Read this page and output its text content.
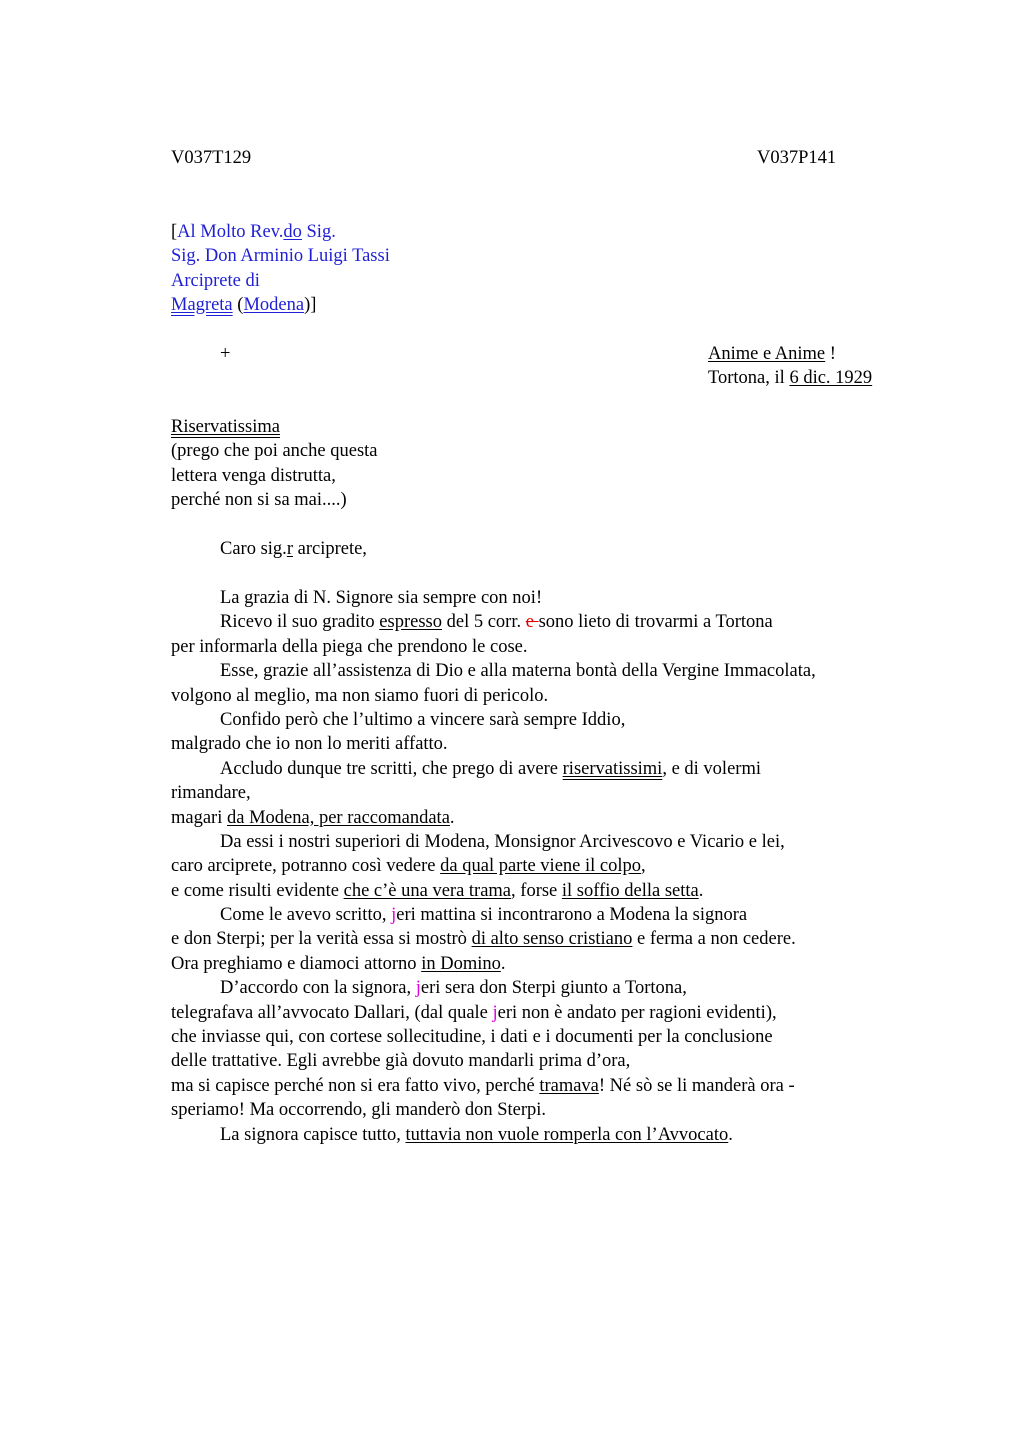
V037T129	V037P141
[Al Molto Rev.do Sig.
Sig. Don Arminio Luigi Tassi
Arciprete di
Magreta (Modena)]
+	Anime e Anime !
Tortona, il 6 dic. 1929
Riservatissima
(prego che poi anche questa
lettera venga distrutta,
perché non si sa mai....)
Caro sig.r arciprete,
La grazia di N. Signore sia sempre con noi!
Ricevo il suo gradito espresso del 5 corr. e sono lieto di trovarmi a Tortona
per informarla della piega che prendono le cose.
Esse, grazie all’assistenza di Dio e alla materna bontà della Vergine Immacolata,
volgono al meglio, ma non siamo fuori di pericolo.
Confido però che l’ultimo a vincere sarà sempre Iddio,
malgrado che io non lo meriti affatto.
Accludo dunque tre scritti, che prego di avere riservatissimi, e di volermi
rimandare,
magari da Modena, per raccomandata.
Da essi i nostri superiori di Modena, Monsignor Arcivescovo e Vicario e lei,
caro arciprete, potranno così vedere da qual parte viene il colpo,
e come risulti evidente che c’è una vera trama, forse il soffio della setta.
Come le avevo scritto, jeri mattina si incontrarono a Modena la signora
e don Sterpi; per la verità essa si mostrò di alto senso cristiano e ferma a non cedere.
Ora preghiamo e diamoci attorno in Domino.
D’accordo con la signora, jeri sera don Sterpi giunto a Tortona,
telegrafava all’avvocato Dallari, (dal quale jeri non è andato per ragioni evidenti),
che inviasse qui, con cortese sollecitudine, i dati e i documenti per la conclusione
delle trattative. Egli avrebbe già dovuto mandarli prima d’ora,
ma si capisce perché non si era fatto vivo, perché tramava! Né sò se li manderà ora -
speriamo! Ma occorrendo, gli manderò don Sterpi.
La signora capisce tutto, tuttavia non vuole romperla con l’Avvocato.
